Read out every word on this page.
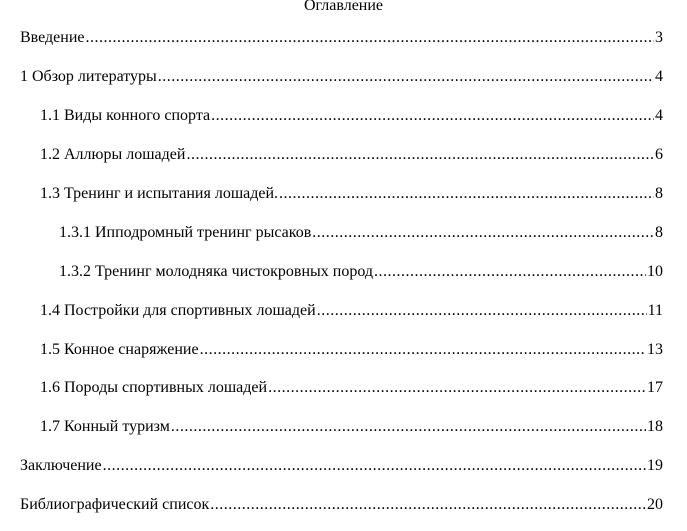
Оглавление
Введение .....	3
1 Обзор литературы .....	4
1.1 Виды конного спорта .....	4
1.2 Аллюры лошадей .....	6
1.3 Тренинг и испытания лошадей. .....	8
1.3.1 Ипподромный тренинг рысаков .....	8
1.3.2 Тренинг молодняка чистокровных пород .....	10
1.4 Постройки для спортивных лошадей .....	11
1.5 Конное снаряжение .....	13
1.6 Породы спортивных лошадей .....	17
1.7 Конный туризм .....	18
Заключение .....	19
Библиографический список .....	20
